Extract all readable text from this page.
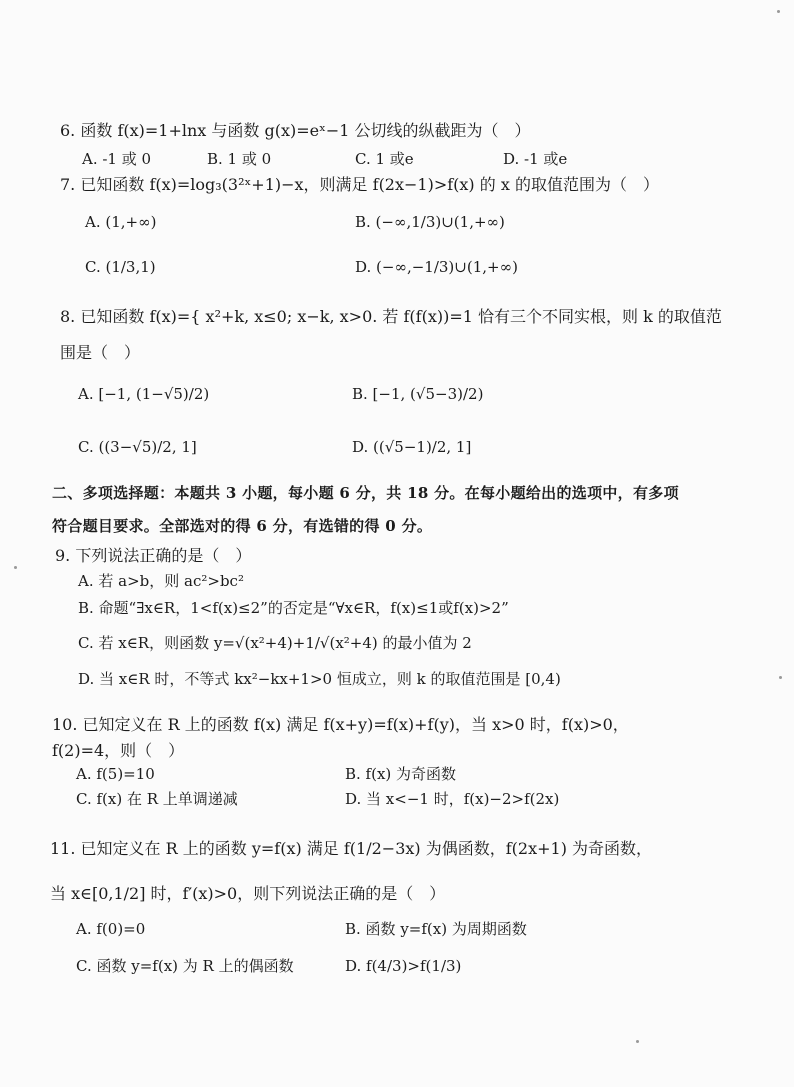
6. 函数 f(x)=1+lnx 与函数 g(x)=eˣ−1 公切线的纵截距为（　）
A. -1 或 0	B. 1 或 0	C. 1 或e	D. -1 或e
7. 已知函数 f(x)=log₃(3²ˣ+1)−x，则满足 f(2x−1)>f(x) 的 x 的取值范围为（　）
A. (1,+∞)	B. (−∞,1/3)∪(1,+∞)
C. (1/3,1)	D. (−∞,−1/3)∪(1,+∞)
8. 已知函数 f(x)={ x²+k, x≤0; x−k, x>0. 若 f(f(x))=1 恰有三个不同实根，则 k 的取值范
围是（　）
A. [−1, (1−√5)/2)	B. [−1, (√5−3)/2)
C. ((3−√5)/2, 1]	D. ((√5−1)/2, 1]
二、多项选择题：本题共 3 小题，每小题 6 分，共 18 分。在每小题给出的选项中，有多项
符合题目要求。全部选对的得 6 分，有选错的得 0 分。
9. 下列说法正确的是（　）
A. 若 a>b，则 ac²>bc²
B. 命题“∃x∈R，1<f(x)≤2”的否定是“∀x∈R，f(x)≤1或f(x)>2”
C. 若 x∈R，则函数 y=√(x²+4)+1/√(x²+4) 的最小值为 2
D. 当 x∈R 时，不等式 kx²−kx+1>0 恒成立，则 k 的取值范围是 [0,4)
10. 已知定义在 R 上的函数 f(x) 满足 f(x+y)=f(x)+f(y)，当 x>0 时，f(x)>0，
f(2)=4，则（　）
A. f(5)=10	B. f(x) 为奇函数
C. f(x) 在 R 上单调递减	D. 当 x<−1 时，f(x)−2>f(2x)
11. 已知定义在 R 上的函数 y=f(x) 满足 f(1/2−3x) 为偶函数，f(2x+1) 为奇函数，
当 x∈[0,1/2] 时，f′(x)>0，则下列说法正确的是（　）
A. f(0)=0	B. 函数 y=f(x) 为周期函数
C. 函数 y=f(x) 为 R 上的偶函数	D. f(4/3)>f(1/3)
